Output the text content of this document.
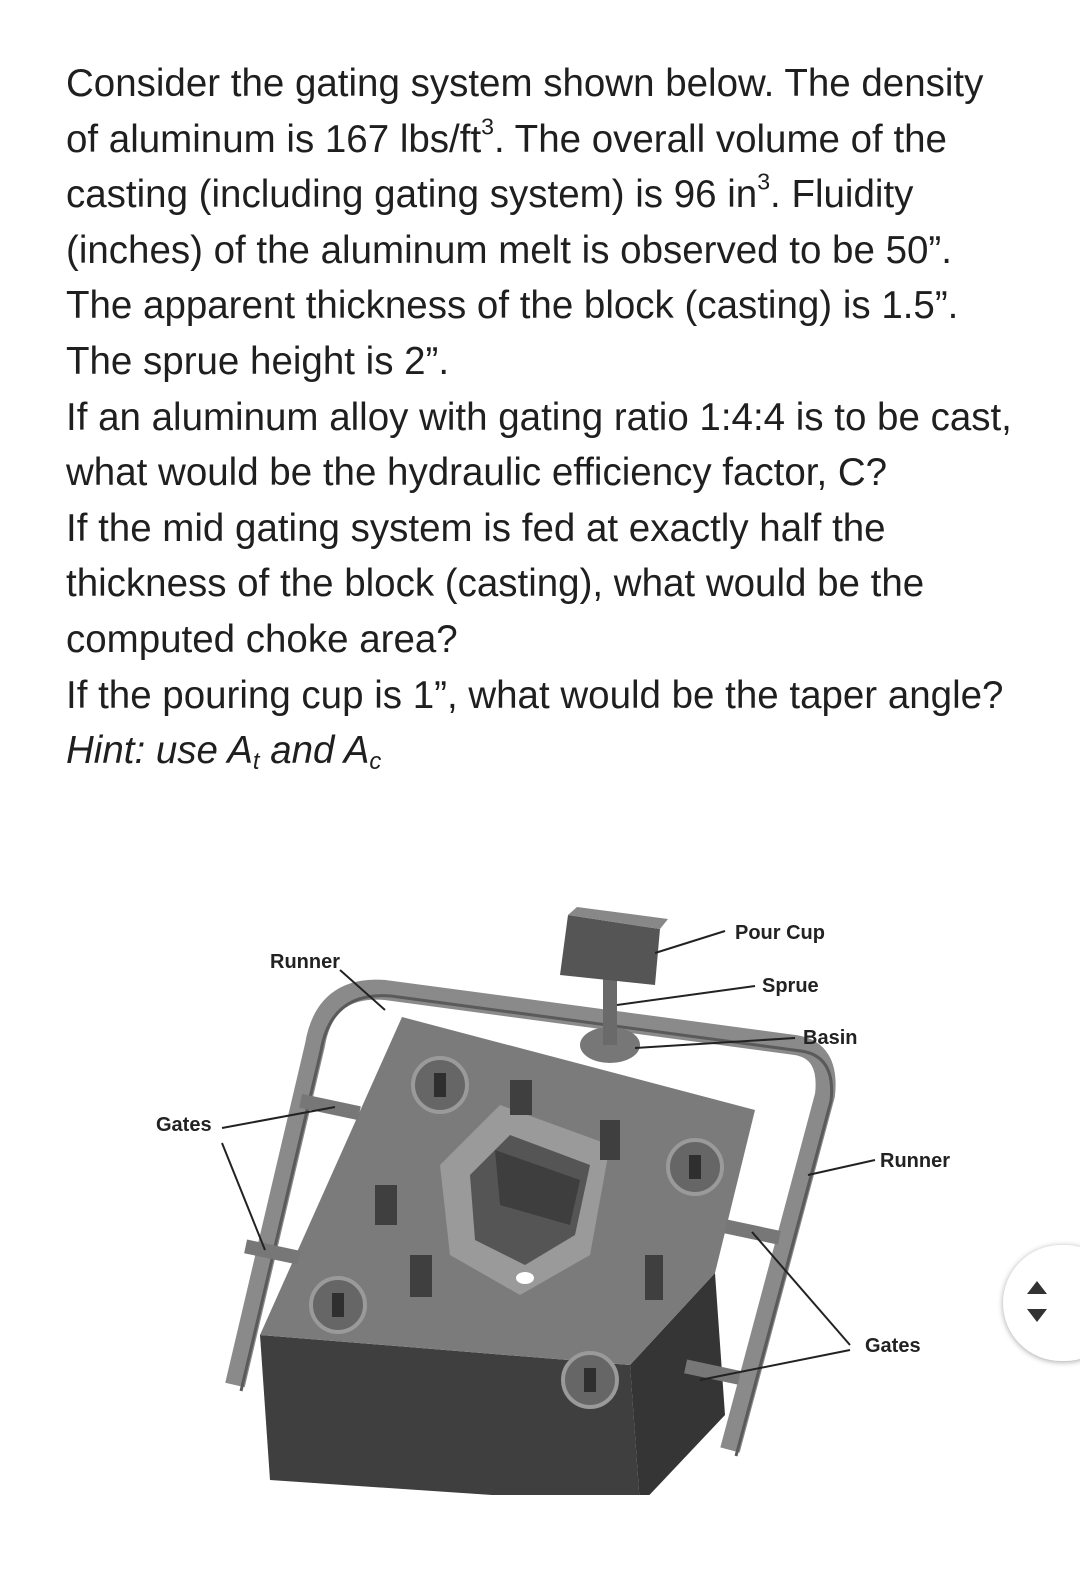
Consider the gating system shown below. The density of aluminum is 167 lbs/$ft^3$. The overall volume of the casting (including gating system) is 96 $in^3$. Fluidity (inches) of the aluminum melt is observed to be 50”. The apparent thickness of the block (casting) is 1.5”. The sprue height is 2”.

If an aluminum alloy with gating ratio 1:4:4 is to be cast, what would be the hydraulic efficiency factor, C?

If the mid gating system is fed at exactly half the thickness of the block (casting), what would be the computed choke area?

If the pouring cup is 1”, what would be the taper angle? Hint: use $A_t$ and $A_c$

Pour Cup
Runner
Sprue
Basin
Gates
Runner
Gates
